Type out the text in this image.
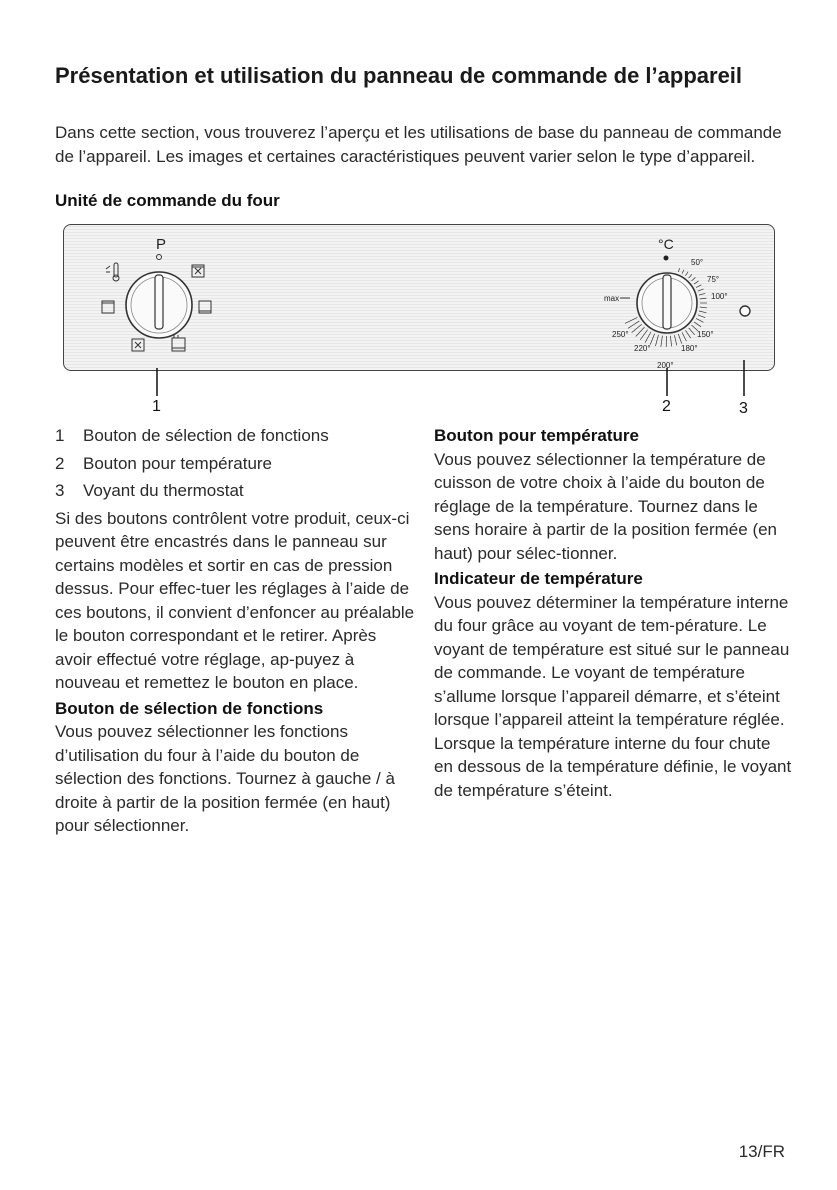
Présentation et utilisation du panneau de commande de l’appareil

Dans cette section, vous trouverez l’aperçu et les utilisations de base du panneau de commande de l’appareil. Les images et certaines caractéristiques peuvent varier selon le type d’appareil.

Unité de commande du four

P	°C
max
50°
75°
100°
150°
180°
200°
220°
250°
1	2	3
1	Bouton de sélection de fonctions
2	Bouton pour température
3	Voyant du thermostat

Si des boutons contrôlent votre produit, ceux-ci peuvent être encastrés dans le panneau sur certains modèles et sortir en cas de pression dessus. Pour effec-tuer les réglages à l’aide de ces boutons, il convient d’enfoncer au préalable le bouton correspondant et le retirer. Après avoir effectué votre réglage, ap-puyez à nouveau et remettez le bouton en place.

Bouton de sélection de fonctions

Vous pouvez sélectionner les fonctions d’utilisation du four à l’aide du bouton de sélection des fonctions. Tournez à gauche / à droite à partir de la position fermée (en haut) pour sélectionner.

Bouton pour température

Vous pouvez sélectionner la température de cuisson de votre choix à l’aide du bouton de réglage de la température. Tournez dans le sens horaire à partir de la position fermée (en haut) pour sélec-tionner.

Indicateur de température

Vous pouvez déterminer la température interne du four grâce au voyant de tem-pérature. Le voyant de température est situé sur le panneau de commande. Le voyant de température s’allume lorsque l’appareil démarre, et s’éteint lorsque l’appareil atteint la température réglée. Lorsque la température interne du four chute en dessous de la température définie, le voyant de température s’éteint.

13/FR
